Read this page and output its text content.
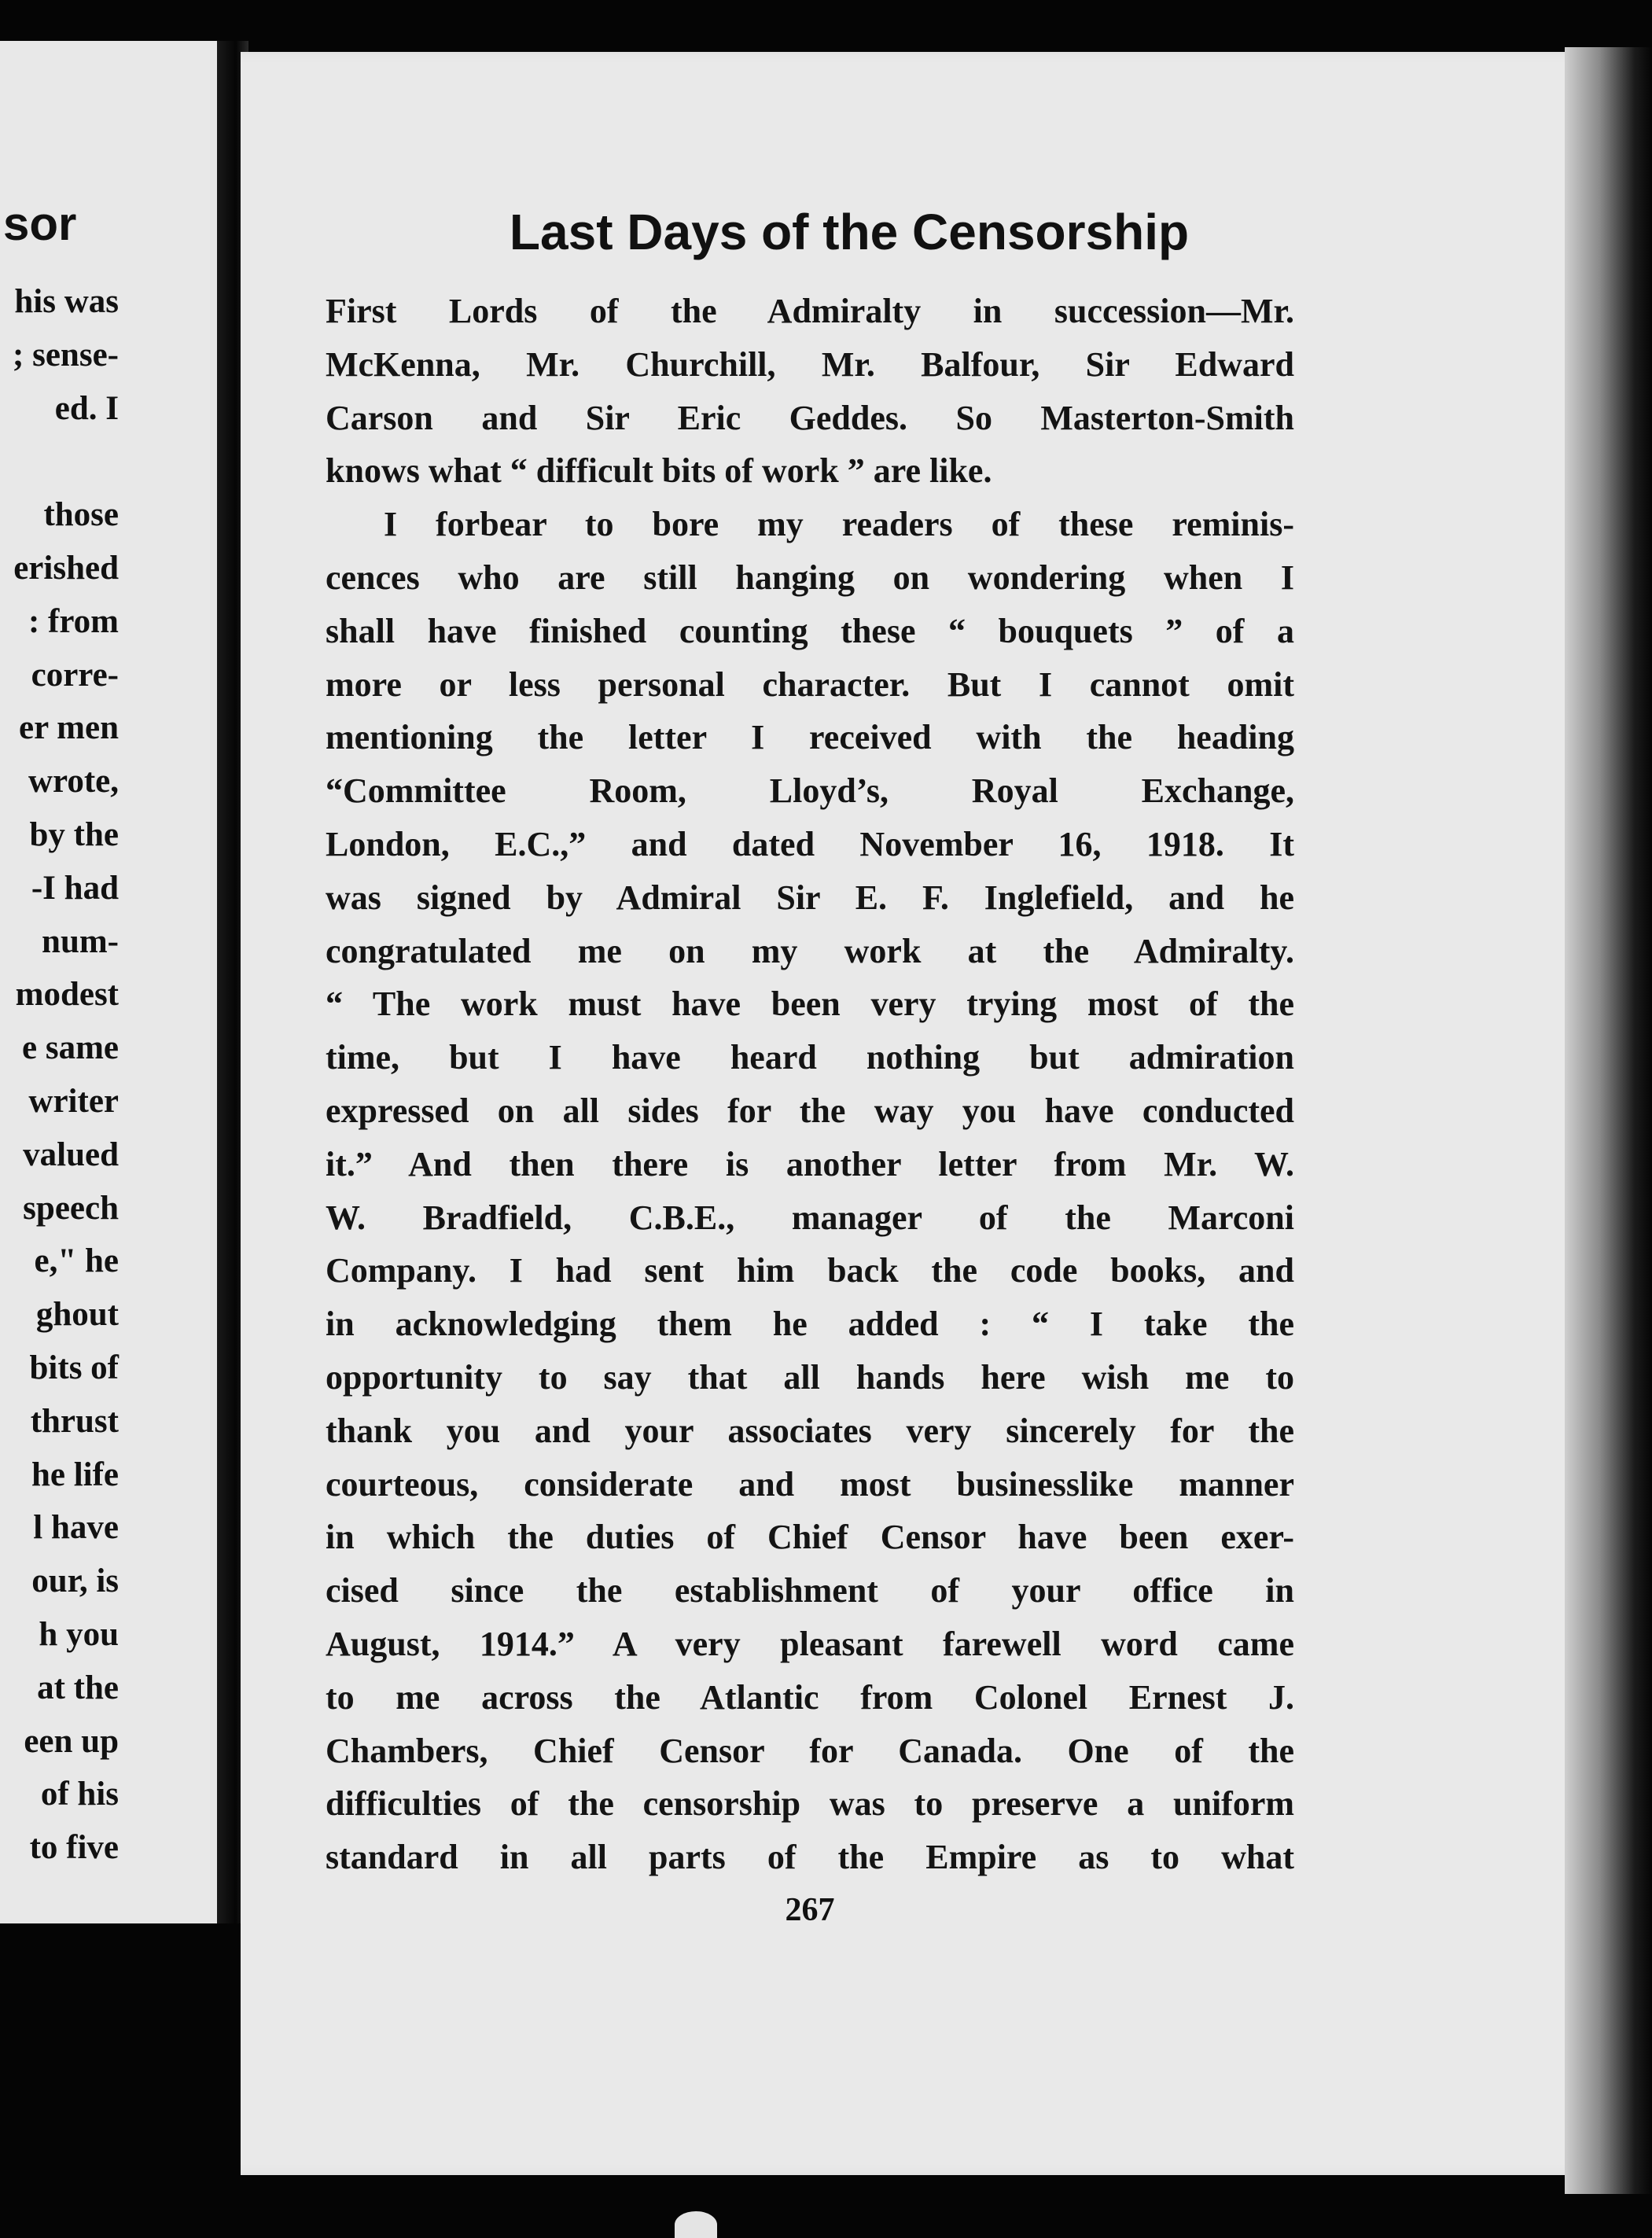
sor
his was
; sense-
ed. I

those
erished
: from
corre-
er men
wrote,
by the
-I had
num-
modest
e same
writer
valued
speech
e," he
ghout
bits of
thrust
he life
l have
our, is
h you
at the
een up
of his
to five
Last Days of the Censorship
First Lords of the Admiralty in succession—Mr.
McKenna, Mr. Churchill, Mr. Balfour, Sir Edward
Carson and Sir Eric Geddes. So Masterton-Smith
knows what “ difficult bits of work ” are like.
I forbear to bore my readers of these reminis-
cences who are still hanging on wondering when I
shall have finished counting these “ bouquets ” of a
more or less personal character. But I cannot omit
mentioning the letter I received with the heading
“Committee Room, Lloyd’s, Royal Exchange,
London, E.C.,” and dated November 16, 1918. It
was signed by Admiral Sir E. F. Inglefield, and he
congratulated me on my work at the Admiralty.
“ The work must have been very trying most of the
time, but I have heard nothing but admiration
expressed on all sides for the way you have conducted
it.” And then there is another letter from Mr. W.
W. Bradfield, C.B.E., manager of the Marconi
Company. I had sent him back the code books, and
in acknowledging them he added : “ I take the
opportunity to say that all hands here wish me to
thank you and your associates very sincerely for the
courteous, considerate and most businesslike manner
in which the duties of Chief Censor have been exer-
cised since the establishment of your office in
August, 1914.” A very pleasant farewell word came
to me across the Atlantic from Colonel Ernest J.
Chambers, Chief Censor for Canada. One of the
difficulties of the censorship was to preserve a uniform
standard in all parts of the Empire as to what
267
